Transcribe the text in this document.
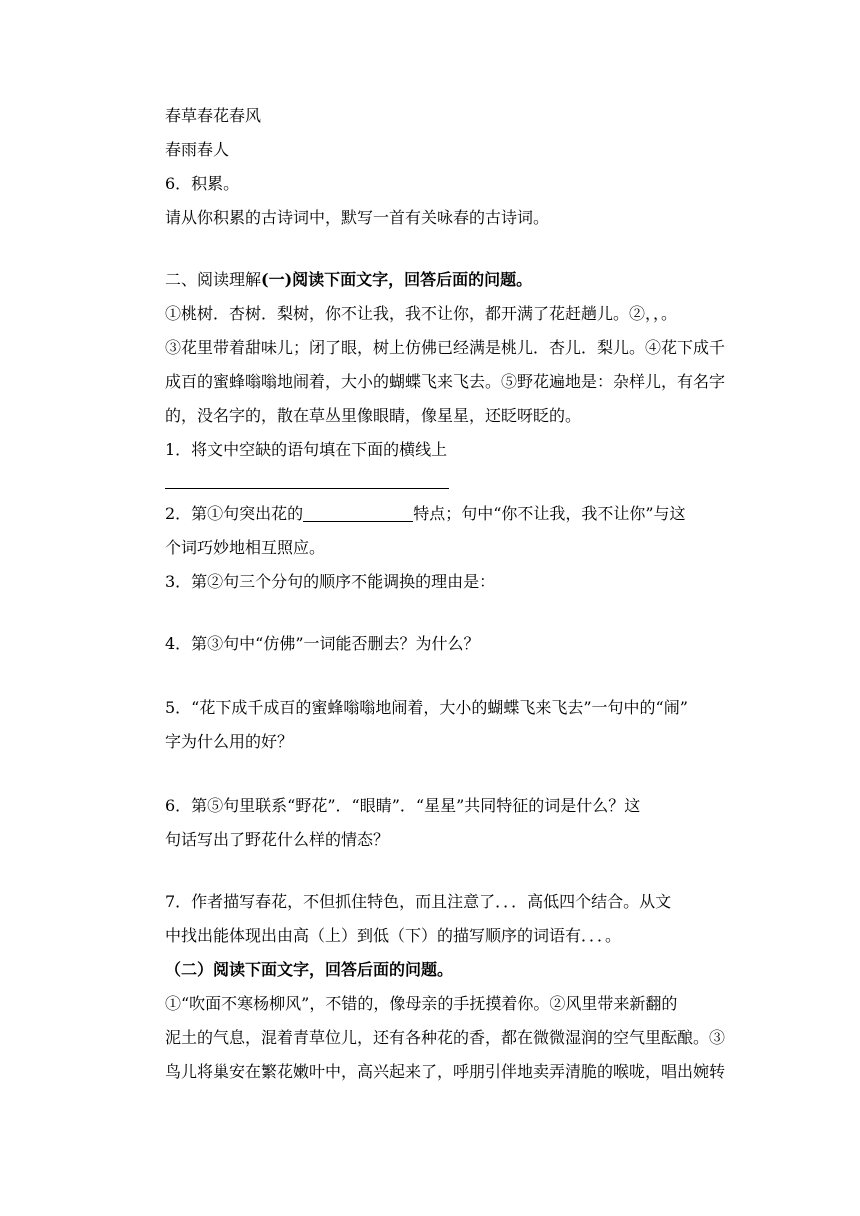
春草春花春风
春雨春人
6．积累。
请从你积累的古诗词中，默写一首有关咏春的古诗词。
二、阅读理解(一)阅读下面文字，回答后面的问题。
①桃树．杏树．梨树，你不让我，我不让你，都开满了花赶趟儿。②，，。
③花里带着甜味儿；闭了眼，树上仿佛已经满是桃儿．杏儿．梨儿。④花下成千
成百的蜜蜂嗡嗡地闹着，大小的蝴蝶飞来飞去。⑤野花遍地是：杂样儿，有名字
的，没名字的，散在草丛里像眼睛，像星星，还眨呀眨的。
1．将文中空缺的语句填在下面的横线上
2．第①句突出花的	特点；句中“你不让我，我不让你”与这
个词巧妙地相互照应。
3．第②句三个分句的顺序不能调换的理由是：
4．第③句中“仿佛”一词能否删去？为什么？
5．“花下成千成百的蜜蜂嗡嗡地闹着，大小的蝴蝶飞来飞去”一句中的“闹”
字为什么用的好？
6．第⑤句里联系“野花”．“眼睛”．“星星”共同特征的词是什么？这
句话写出了野花什么样的情态？
7．作者描写春花，不但抓住特色，而且注意了．．．高低四个结合。从文
中找出能体现出由高（上）到低（下）的描写顺序的词语有．．．。
（二）阅读下面文字，回答后面的问题。
①“吹面不寒杨柳风”，不错的，像母亲的手抚摸着你。②风里带来新翻的
泥土的气息，混着青草位儿，还有各种花的香，都在微微湿润的空气里酝酿。③
鸟儿将巢安在繁花嫩叶中，高兴起来了，呼朋引伴地卖弄清脆的喉咙，唱出婉转
